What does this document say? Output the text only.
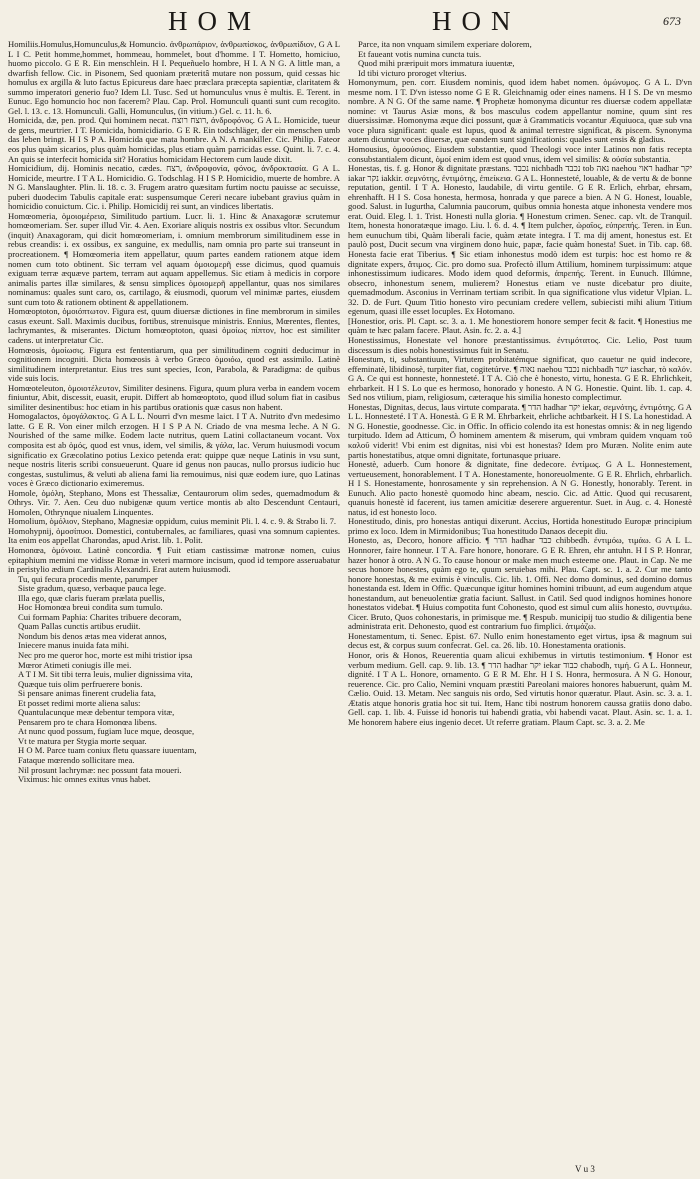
HOM	HON	673

Homiliis.Homulus,Homunculus,& Homuncio. ἀνθρωπάριον, ἀνθρωπίσκος, ἀνθρωπίδιον, G A L L I C. Petit homme,hommet, hommeau, hommelet, bout d'homme. I T. Hometto, homiciuo, huomo piccolo. G E R. Ein menschlein. H I. Pequeñuelo hombre, H I. A N G. A little man, a dwarfish fellow. Cic. in Pisonem, Sed quoniam præteritâ mutare non possum, quid cessas hic homulus ex argilla & luto factus Epicureus dare haec præclara præcepta sapientiæ, claritatem & summo imperatori generio fuo? Idem Ll. Tusc. Sed ut homunculus vnus è multis. E. Terent. in Eunuc. Ego homuncio hoc non facerem? Plau. Cap. Prol. Homunculi quanti sunt cum recogito. Gel. l. 13. c. 13. Homunculi. Galli, Homunculus, (in vitium.) Gel. c. 11. h. 6.

Homicida, dæ, pen. prod. Qui hominem necat. רוצח רוצח, ἀνδροφόνος. G A L. Homicide, tueur de gens, meurtrier. I T. Homicida, homicidiario. G E R. Ein todschläger, der ein menschen umb das leben bringt. H I S P A. Homicida que mata hombre. A N. A mankiller. Cic. Philip. Fateor eos plus quàm sicarios, plus quàm homicidas, plus etiam quàm parricidas esse. Quint. li. 7. c. 4. An quis se interfecit homicida sit? Horatius homicidam Hectorem cum laude dixit.

Homicidium, dij. Hominis necatio, cædes. רצח, ἀνδροφονία, φόνος, ἀνδροκτασία. G A L. Homicide, meurtre. I T A L. Homicidio. G. Todschlag. H I S P. Homicidio, muerte de hombre. A N G. Manslaughter. Plin. li. 18. c. 3. Frugem aratro quæsitam furtim noctu pauisse ac secuisse, puberi duodecim Tabulis capitale erat: suspensumque Cereri necare iubebant gravius quàm in homicidio conuictum. Cic. i. Philip. Homicidij rei sunt, an vindices libertatis.

Homœomeria, ὁμοιομέρεια, Similitudo partium. Lucr. li. 1. Hinc & Anaxagoræ scrutemur homœomeriam. Ser. super illud Vir. 4. Aen. Exoriare aliquis nostris ex ossibus vltor. Secundum (inquit) Anaxagoram, qui dicit homœomeriam, i. omnium membrorum similitudinem esse in rebus creandis: i. ex ossibus, ex sanguine, ex medullis, nam omnia pro parte sui transeunt in procreationem. ¶ Homœomeria item appellatur, quum partes eandem rationem atque idem nomen cum toto obtinent. Sic terram vel aquam ὁμοιομερῆ esse dicimus, quod quamuis exiguam terræ æquæve partem, terram aut aquam appellemus. Sic etiam à medicis in corpore animalis partes illæ similares, & sensu simplices ὁμοιομερῆ appellantur, quas nos similares nominamus: quales sunt caro, os, cartilago, & eiusmodi, quorum vel minimæ partes, eiusdem sunt cum toto & rationem obtinent & appellationem.

Homœoptoton, ὁμοιόπτωτον. Figura est, quum diuersæ dictiones in fine membrorum in similes casus exeunt. Sall. Maximis ducibus, fortibus, strenuisque ministris. Ennius, Mœrentes, flentes, lachrymantes, & miserantes. Dictum homœoptoton, quasi ὁμοίως πίπτον, hoc est similiter cadens. ut interpretatur Cic.

Homœosis, ὁμοίωσις. Figura est fententiarum, qua per similitudinem cogniti deducimur in cognitionem incogniti. Dicta homœosis à verbo Græco ὁμοιόω, quod est assimilo. Latinè similitudinem interpretantur. Eius tres sunt species, Icon, Parabola, & Paradigma: de quibus vide suis locis.

Homœoteleuton, ὁμοιοτέλευτον, Similiter desinens. Figura, quum plura verba in eandem vocem finiuntur, Abit, discessit, euasit, erupit. Differt ab homœoptoto, quod illud solum fiat in casibus similiter desinentibus: hoc etiam in his partibus orationis quæ casus non habent.

Homogalactos, ὁμογάλακτος. G A L L. Nourri d'vn mesme laict. I T A. Nutrito d'vn medesimo latte. G E R. Von einer milch erzogen. H I S P A N. Criado de vna mesma leche. A N G. Nourished of the same milke. Eodem lacte nutritus, quem Latini collactaneum vocant. Vox composita est ab ὁμός, quod est vnus, idem, vel similis, & γάλα, lac. Verum huiusmodi vocum significatio ex Græcolatino potius Lexico petenda erat: quippe quæ neque Latinis in vsu sunt, neque nostris literis scribi consueuerunt. Quare id genus non paucas, nullo prorsus iudicio huc congestas, sustulimus, & veluti ab aliena fami lia remouimus, nisi quæ eodem iure, quo Latinas voces è Græco dictionario eximeremus.

Homole, ὁμόλη, Stephano, Mons est Thessaliæ, Centaurorum olim sedes, quemadmodum & Othrys. Vir. 7. Aen. Ceu duo nubigenæ quum vertice montis ab alto Descendunt Centauri, Homolen, Othrynque niualem Linquentes.

Homolium, ὁμόλιον, Stephano, Magnesiæ oppidum, cuius meminit Pli. l. 4. c. 9. & Strabo li. 7.

Homohypnij, ὁμοσίπυοι. Domestici, contubernales, ac familiares, quasi vna somnum capientes. Ita enim eos appellat Charondas, apud Arist. lib. 1. Polit.

Homonœa, ὁμόνοια. Latinè concordia. ¶ Fuit etiam castissimæ matronæ nomen, cuius epitaphium memini me vidisse Romæ in veteri marmore incisum, quod id tempore asseruabatur in peristylio ædium Cardinalis Alexandri. Erat autem huiusmodi.

Tu, qui fecura procedis mente, parumper

Siste gradum, quæso, verbaque pauca lege.

Illa ego, quæ claris fueram prælata puellis,

Hoc Homonœa breui condita sum tumulo.

Cui formam Paphia: Charites tribuere decoram,

Quam Pallas cunctis artibus erudiit.

Nondum bis denos ætas mea viderat annos,

Iniecere manus inuida fata mihi.

Nec pro me queror hoc, morte est mihi tristior ipsa

Mœror Atimeti coniugis ille mei.

A T I M. Sit tibi terra leuis, mulier dignissima vita,

Quæque tuis olim perfruerere bonis.

Si pensare animas finerent crudelia fata,

Et posset redimi morte aliena salus:

Quantulacunque meæ debentur tempora vitæ,

Pensarem pro te chara Homonœa libens.

At nunc quod possum, fugiam luce mque, deosque,

Vt te matura per Stygia morte sequar.

H O M. Parce tuam coniux fletu quassare iuuentam,

Fataque mœrendo sollicitare mea.

Nil prosunt lachrymæ: nec possunt fata moueri.

Viximus: hic omnes exitus vnus habet.

Parce, ita non vnquam similem experiare dolorem,

Et faueant votis numina cuncta tuis.

Quod mihi præripuit mors immatura iuuentæ,

Id tibi victuro proroget vlterius.

Homonymum, pen. corr. Eiusdem nominis, quod idem habet nomen. ὁμώνυμος. G A L. D'vn mesme nom. I T. D'vn istesso nome G E R. Gleichnamig oder eines namens. H I S. De vn mesmo nombre. A N G. Of the same name. ¶ Prophetæ homonyma dicuntur res diuersæ codem appellatæ nomine: vt Taurus Asiæ mons, & bos masculus codem appellantur nomine, quum sint res diuersissimæ. Homonyma æque dici possunt, quæ à Grammaticis vocantur Æquiuoca, quæ sub vna voce plura significant: quale est lupus, quod & animal terrestre significat, & piscem. Synonyma autem dicuntur voces diuersæ, quæ eandem sunt significationis: quales sunt ensis & gladius.

Homousius, ὁμοούσιος. Eiusdem substantiæ, quod Theologi voce inter Latinos non fatis recepta consubstantialem dicunt, ὁμοί enim idem est quod vnus, idem vel similis: & οὐσία substantia.

Honestas, tis. f. g. Honor & dignitate præstans. נכבד nichbadh נכבד tob נאה naehou ראוי hadhar יקר iakar נקר iakkir. σεμνότης, ἐντιμότης, ἐπιείκεια. G A L. Honnesteté, louable, & de vertu & de bonne reputation, gentil. I T A. Honesto, laudabile, di virtu gentile. G E R. Erlich, ehrbar, ehrsam, ehrenhafft. H I S. Cosa honesta, hermosa, honrada y que parece a bien. A N G. Honest, louable, good. Salust. in Iugurtha, Calumnia paucorum, quibus omnia honesta atque inhonesta vendere mos erat. Ouid. Eleg. l. 1. Trist. Honesti nulla gloria. ¶ Honestum crimen. Senec. cap. vlt. de Tranquil. Item, honesta honoratæque imago. Liu. l. 6. d. 4. ¶ Item pulcher, ὡραῖος, εὐπρεπής. Teren. in Eun. hem eunuchum tibi, Quàm liberali facie, quàm ætate integra. I T. ma dij ament, honestus est. Et paulò post, Ducit secum vna virginem dono huic, papæ, facie quàm honesta! Suet. in Tib. cap. 68. Honesta facie erat Tiberius. ¶ Sic etiam inhonestus modò idem est turpis: hoc est homo re & dignitate expers, ἄτιμος. Cic. pro domo sua. Profectò illum Attilium, hominem turpissimum: atque inhonestissimum iudicares. Modo idem quod deformis, ἀπρεπής. Terent. in Eunuch. Illúmne, obsecro, inhonestum senem, mulierem? Honestus etiam ve nuste dicebatur pro diuite, quemadmodum. Asconius in Verrinam tertiam scribit. In qua significatione vlus videtur Vlpian. L. 32. D. de Furt. Quum Titio honesto viro pecuniam credere vellem, subiecisti mihi alium Titium egenum, quasi ille esset locuples. Ex Hotomano.

[Honestior, oris. Pl. Capt. sc. 3. a. 1. Me honestiorem honore semper fecit & facit. ¶ Honestius me quàm te hæc palam facere. Plaut. Asin. fc. 2. a. 4.]

Honestissimus, Honestate vel honore præstantissimus. ἐντιμότατος. Cic. Lelio, Post tuum discessum is dies nobis honestissimus fuit in Senatu.

Honestum, ti, substantiuum, Virtutem probitatémque significat, quo cauetur ne quid indecore, effeminatè, libidinosè, turpiter fiat, cogitetúrve. ¶ נאוה naehou נכבד nichbadh ישר iaschar, τὸ καλόν. G A. Ce qui est honneste, honnesteté. I T A. Ciò che è honesto, virtu, honesta. G E R. Ehrlichkeit, ehrbarkeit. H I S. Lo que es hermoso, honorado y honesto. A N G. Honestie. Quint. lib. 1. cap. 4. Sed nos vtilium, piam, religiosum, cæteraque his similia honesto complectimur.

Honestas, Dignitas, decus, laus virtute comparata. ¶ הדר hadhar יקר iekar, σεμνότης, ἐντιμότης. G A L L. Honnesteté. I T A. Honestà. G E R M. Ehrbarkeit, ehrliche achtbarkeit. H I S. La honestidad. A N G. Honestie, goodnesse. Cic. in Offic. In officio colendo ita est honestas omnis: & in neg ligendo turpitudo. Idem ad Atticum, Ö hominem amentem & miserum, qui vmbram quidem vnquam τοῦ καλοῦ viderit! Vbi enim est dignitas, nisi vbi est honestas? Idem pro Muræn. Nolite enim aute partis honestatibus, atque omni dignitate, fortunasque priuare.

Honestè, aduerb. Cum honore & dignitate, fine dedecore. ἐντίμως. G A L. Honnestement, vertueusement, honorablement. I T A. Honestamente, honoreuolmente. G E R. Ehrlich, ehrbarlich. H I S. Honestamente, honrosamente y sin reprehension. A N G. Honestly, honorably. Terent. in Eunuch. Alio pacto honestè quomodo hinc abeam, nescio. Cic. ad Attic. Quod qui recusarent, quanuis honestè id facerent, ius tamen amicitiæ deserere arguerentur. Suet. in Aug. c. 4. Honestè natus, id est honesto loco.

Honestitudo, dinis, pro honestas antiqui dixerunt. Accius, Hortida honestitudo Europæ principium primo ex loco. Idem in Mirmidonibus; Tua honestitudo Danaos decepit diu.

Honesto, as, Decoro, honore afficio. ¶ הדר hadhar כבד chibbedh. ἐντιμόω, τιμάω. G A L L. Honnorer, faire honneur. I T A. Fare honore, honorare. G E R. Ehren, ehr antuhn. H I S P. Honrar, hazer honor à otro. A N G. To cause honour or make men much esteeme one. Plaut. in Cap. Ne me secus honore honestes, quàm ego te, quum seruiebas mihi. Plau. Capt. sc. 1. a. 2. Cur me tanto honore honestas, & me eximis è vinculis. Cic. lib. 1. Offi. Nec domo dominus, sed domino domus honestanda est. Idem in Offic. Quæcunque igitur homines homini tribuunt, ad eum augendum atque honestandum, aut beneuolentiæ gratia faciunt. Sallust. in Catil. Sed quod indignos homines honore honestatos videbat. ¶ Huius compotita funt Cohonesto, quod est simul cum aliis honesto, συντιμάω. Cicer. Bruto, Quos cohonestaris, in primisque me. ¶ Respub. municipij tuo studio & diligentia bene administrata erit. Dehonesto, quod est contrarium fuo fimplici. ἀτιμάζω.

Honestamentum, ti. Senec. Epist. 67. Nullo enim honestamento eget virtus, ipsa & magnum sui decus est, & corpus suum confecrat. Gel. ca. 26. lib. 10. Honestamenta orationis.

Honor, oris & Honos, Reuerentia quam alicui exhibemus in virtutis testimonium. ¶ Honor est verbum medium. Gell. cap. 9. lib. 13. ¶ הדר hadhar יקר iekar כבוד chabodh, τιμή. G A L. Honneur, dignité. I T A L. Honore, ornamento. G E R M. Ehr. H I S. Honra, hermosura. A N G. Honour, reuerence. Cic. pro Calio, Nemini vnquam præstiti Pareolani maiores honores habuerunt, quàm M. Cælio. Ouid. 13. Metam. Nec sanguis nis ordo, Sed virtutis honor quæratur. Plaut. Asin. sc. 3. a. 1. Ætatis atque honoris gratia hoc sit tui. Item, Hanc tibi nostrum honorem caussa gratiis dono dabo. Gell. cap. 1. lib. 4. Fuisse id honoris tui habendi gratia, vbi habendi vacat. Plaut. Asin. sc. 1. a. 1. Me honorem habere eius ingenio decet. Ut referre gratiam. Plaum Capt. sc. 3. a. 2. Me

V u 3
